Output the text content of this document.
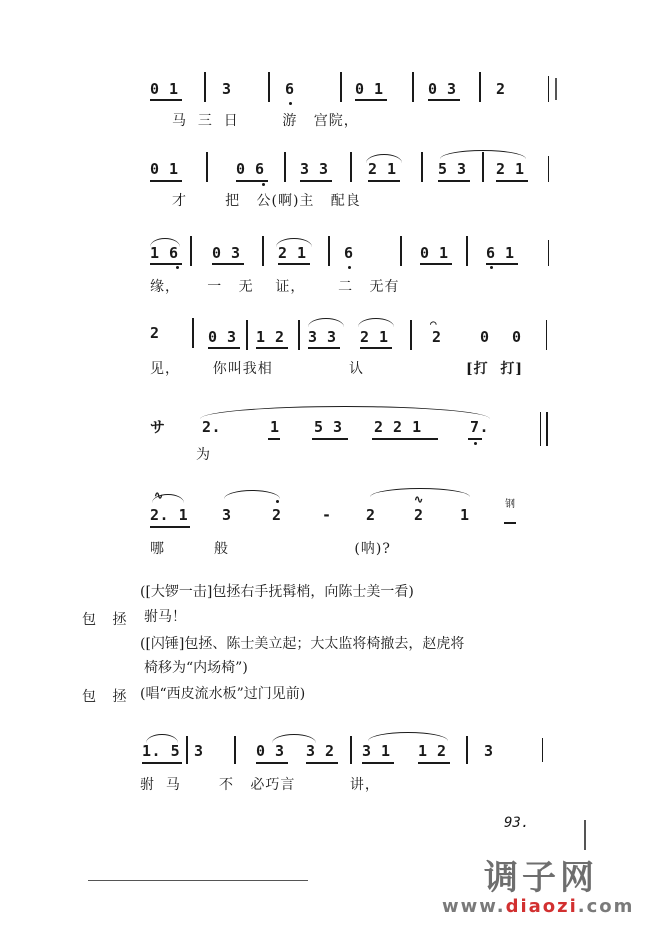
0 1	3	6	0 1	0 3	2

马  三  日        游   宫院，

0 1	0 6 3 3	2 1	5 3 2 1

才       把   公(啊)主   配良

1 6 0 3 2 1 6	0 1 6 1

缘，     一   无    证，      二   无有

2	0 3 1 2 3 3 2 1
⌒
2	0 0

见，      你叫我相              认	[打  打]
サ 2.	1 5 3 2 2 1	7.

为

∿
2. 1 3	2	- 2
∿
2 1
钢

哪         般                       (呐)?

([大锣一击]包拯右手抚髯梢，向陈士美一看)

包 拯 驸马！

([闪锤]包拯、陈士美立起；大太监将椅撤去，赵虎将

椅移为“内场椅”)

包 拯 (唱“西皮流水板”过门见前)

1. 5 3	0 3 3 2 3 1 1 2 3

驸  马       不   必巧言          讲，

93.
调子网
www.diaozi.com
